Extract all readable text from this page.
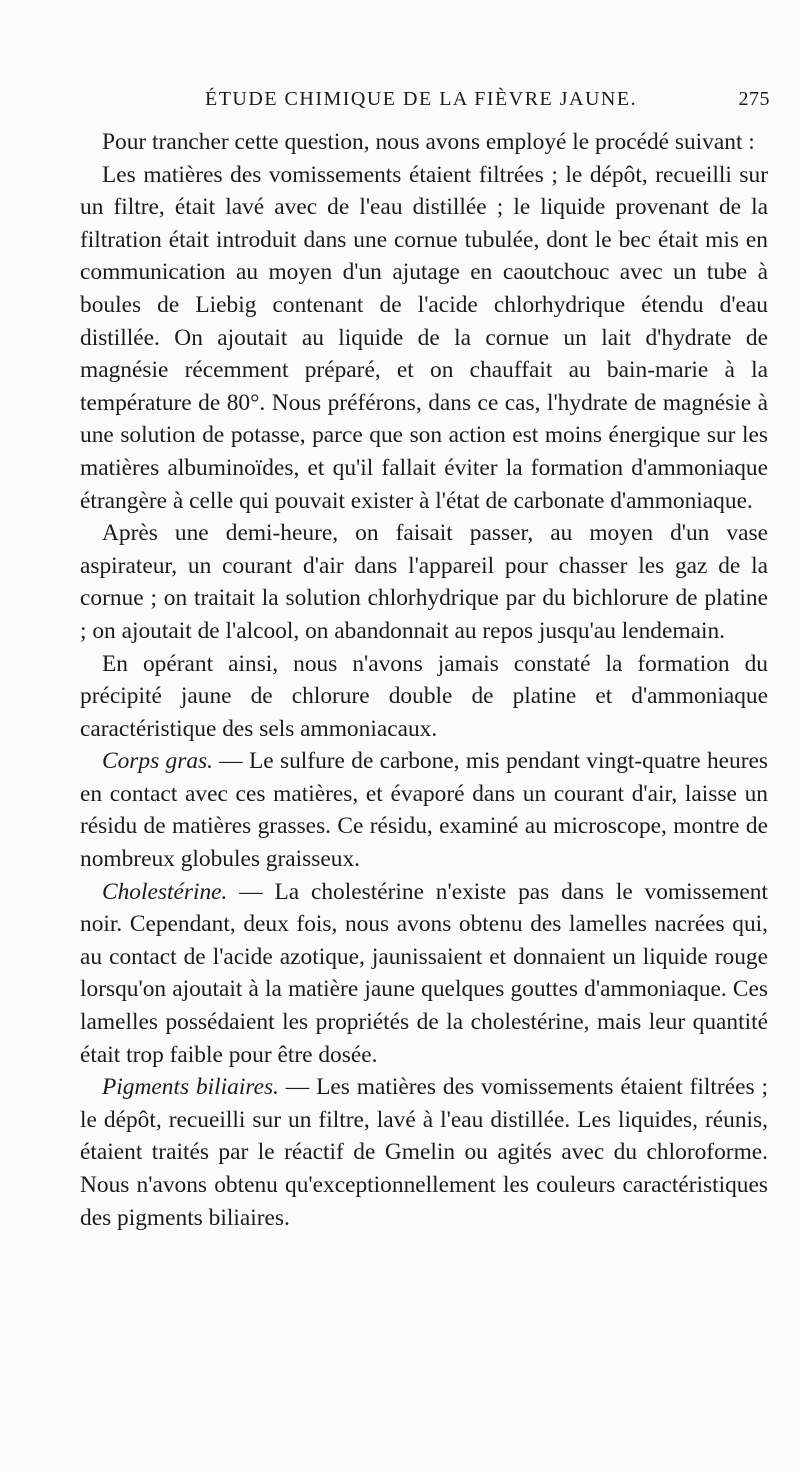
ÉTUDE CHIMIQUE DE LA FIÈVRE JAUNE.	275

Pour trancher cette question, nous avons employé le procédé suivant :

Les matières des vomissements étaient filtrées ; le dépôt, recueilli sur un filtre, était lavé avec de l'eau distillée ; le liquide provenant de la filtration était introduit dans une cornue tubulée, dont le bec était mis en communication au moyen d'un ajutage en caoutchouc avec un tube à boules de Liebig contenant de l'acide chlorhydrique étendu d'eau distillée. On ajoutait au liquide de la cornue un lait d'hydrate de magnésie récemment préparé, et on chauffait au bain-marie à la température de 80°. Nous préférons, dans ce cas, l'hydrate de magnésie à une solution de potasse, parce que son action est moins énergique sur les matières albuminoïdes, et qu'il fallait éviter la formation d'ammoniaque étrangère à celle qui pouvait exister à l'état de carbonate d'ammoniaque.

Après une demi-heure, on faisait passer, au moyen d'un vase aspirateur, un courant d'air dans l'appareil pour chasser les gaz de la cornue ; on traitait la solution chlorhydrique par du bichlorure de platine ; on ajoutait de l'alcool, on abandonnait au repos jusqu'au lendemain.

En opérant ainsi, nous n'avons jamais constaté la formation du précipité jaune de chlorure double de platine et d'ammoniaque caractéristique des sels ammoniacaux.

Corps gras. — Le sulfure de carbone, mis pendant vingt-quatre heures en contact avec ces matières, et évaporé dans un courant d'air, laisse un résidu de matières grasses. Ce résidu, examiné au microscope, montre de nombreux globules graisseux.

Cholestérine. — La cholestérine n'existe pas dans le vomissement noir. Cependant, deux fois, nous avons obtenu des lamelles nacrées qui, au contact de l'acide azotique, jaunissaient et donnaient un liquide rouge lorsqu'on ajoutait à la matière jaune quelques gouttes d'ammoniaque. Ces lamelles possédaient les propriétés de la cholestérine, mais leur quantité était trop faible pour être dosée.

Pigments biliaires. — Les matières des vomissements étaient filtrées ; le dépôt, recueilli sur un filtre, lavé à l'eau distillée. Les liquides, réunis, étaient traités par le réactif de Gmelin ou agités avec du chloroforme. Nous n'avons obtenu qu'exceptionnellement les couleurs caractéristiques des pigments biliaires.
